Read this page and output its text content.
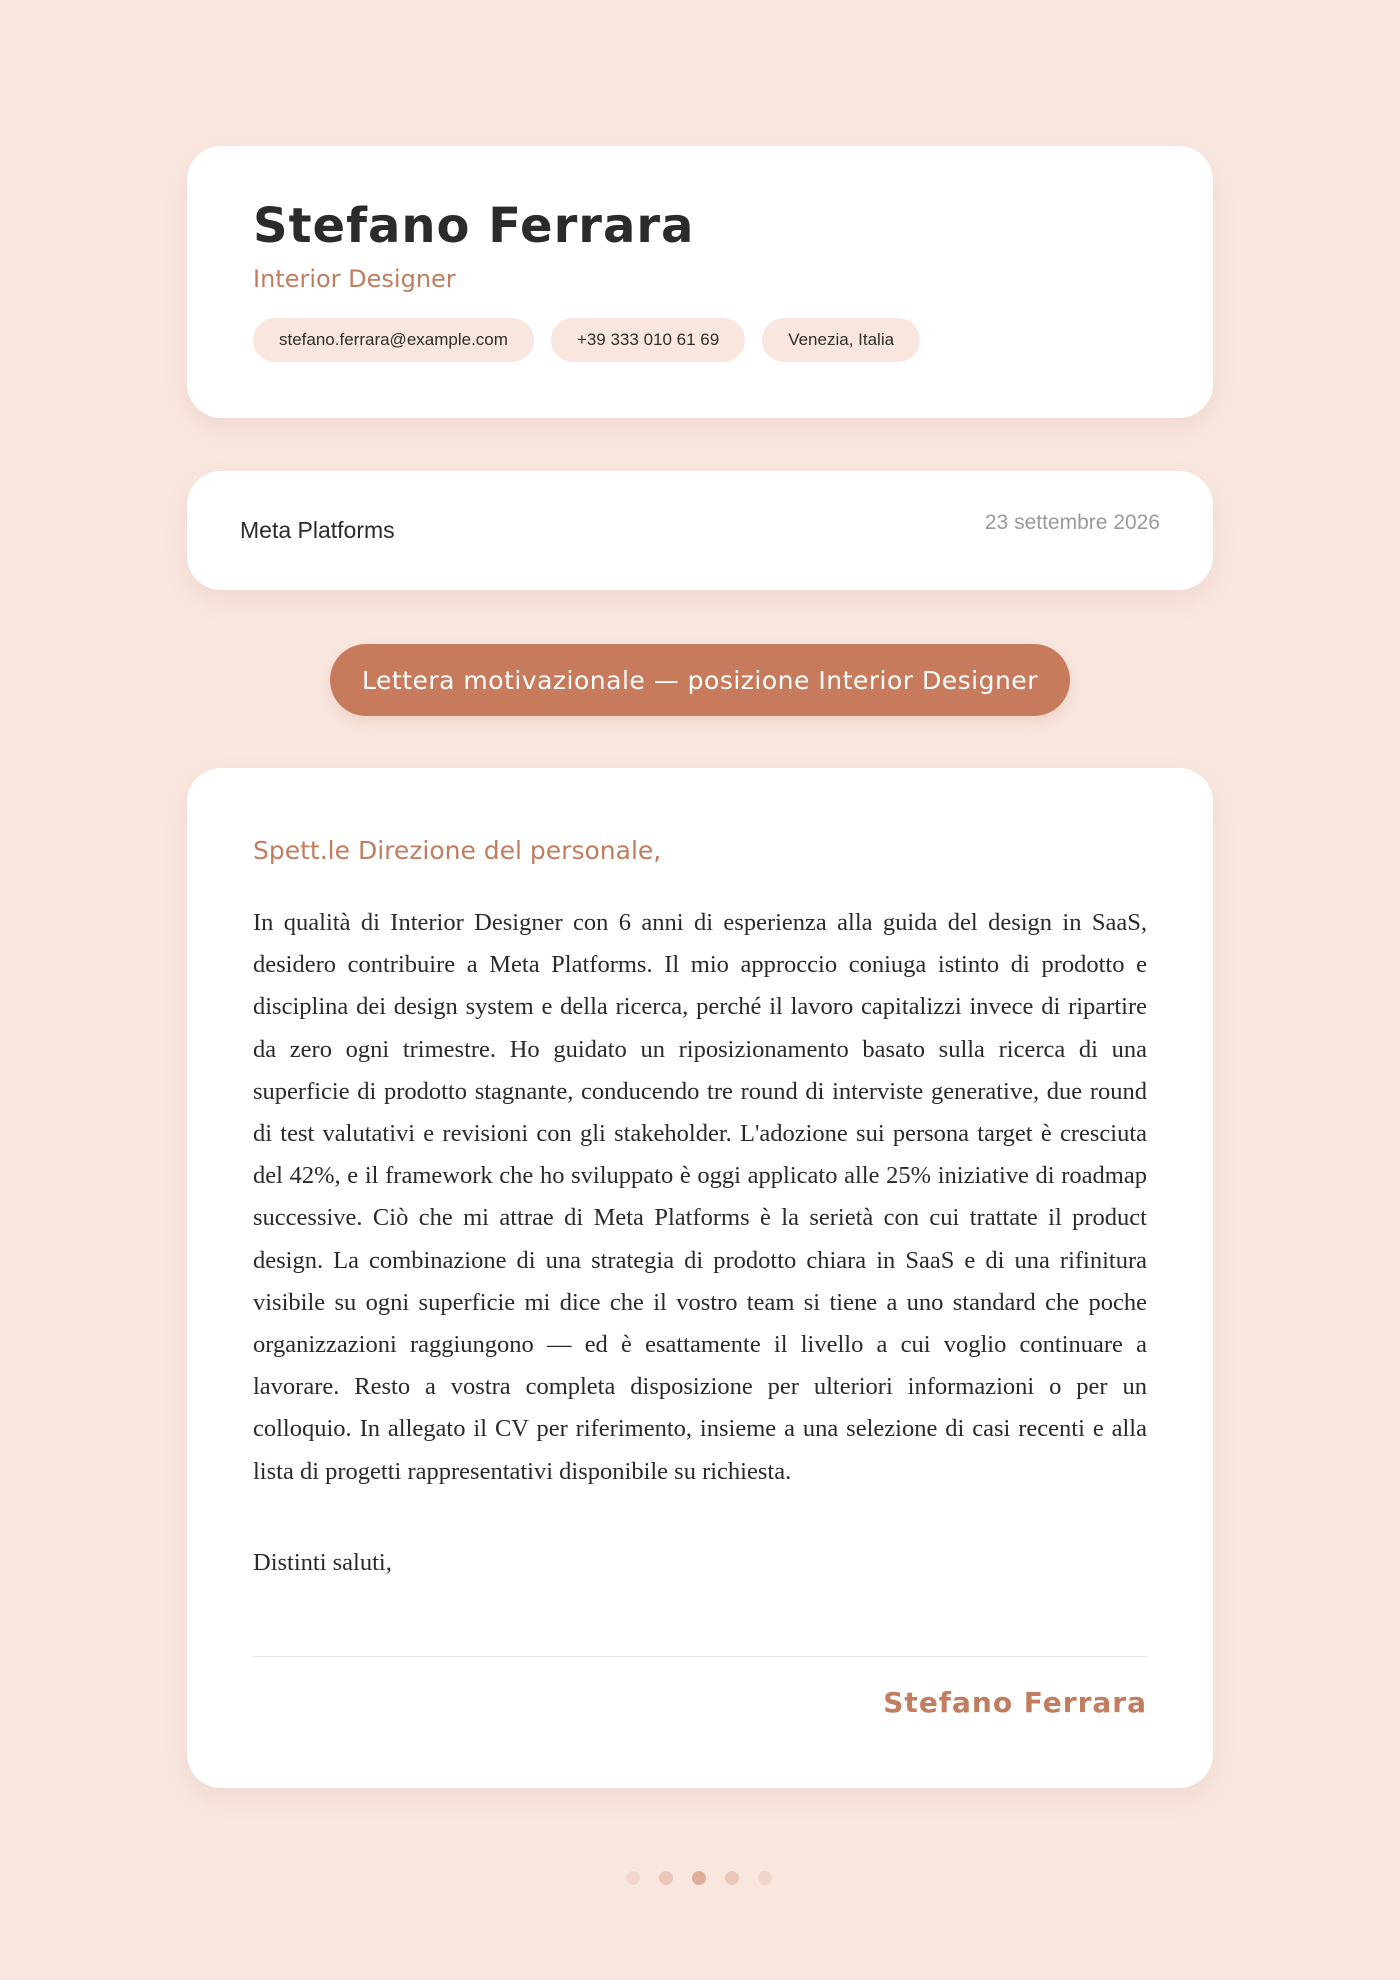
Stefano Ferrara
Interior Designer
stefano.ferrara@example.com	+39 333 010 61 69	Venezia, Italia
Meta Platforms	23 settembre 2026
Lettera motivazionale — posizione Interior Designer

Spett.le Direzione del personale,

In qualità di Interior Designer con 6 anni di esperienza alla guida del design in SaaS, desidero contribuire a Meta Platforms. Il mio approccio coniuga istinto di prodotto e disciplina dei design system e della ricerca, perché il lavoro capitalizzi invece di ripartire da zero ogni trimestre. Ho guidato un riposizionamento basato sulla ricerca di una superficie di prodotto stagnante, conducendo tre round di interviste generative, due round di test valutativi e revisioni con gli stakeholder. L'adozione sui persona target è cresciuta del 42%, e il framework che ho sviluppato è oggi applicato alle 25% iniziative di roadmap successive. Ciò che mi attrae di Meta Platforms è la serietà con cui trattate il product design. La combinazione di una strategia di prodotto chiara in SaaS e di una rifinitura visibile su ogni superficie mi dice che il vostro team si tiene a uno standard che poche organizzazioni raggiungono — ed è esattamente il livello a cui voglio continuare a lavorare. Resto a vostra completa disposizione per ulteriori informazioni o per un colloquio. In allegato il CV per riferimento, insieme a una selezione di casi recenti e alla lista di progetti rappresentativi disponibile su richiesta.
Distinti saluti,
Stefano Ferrara
